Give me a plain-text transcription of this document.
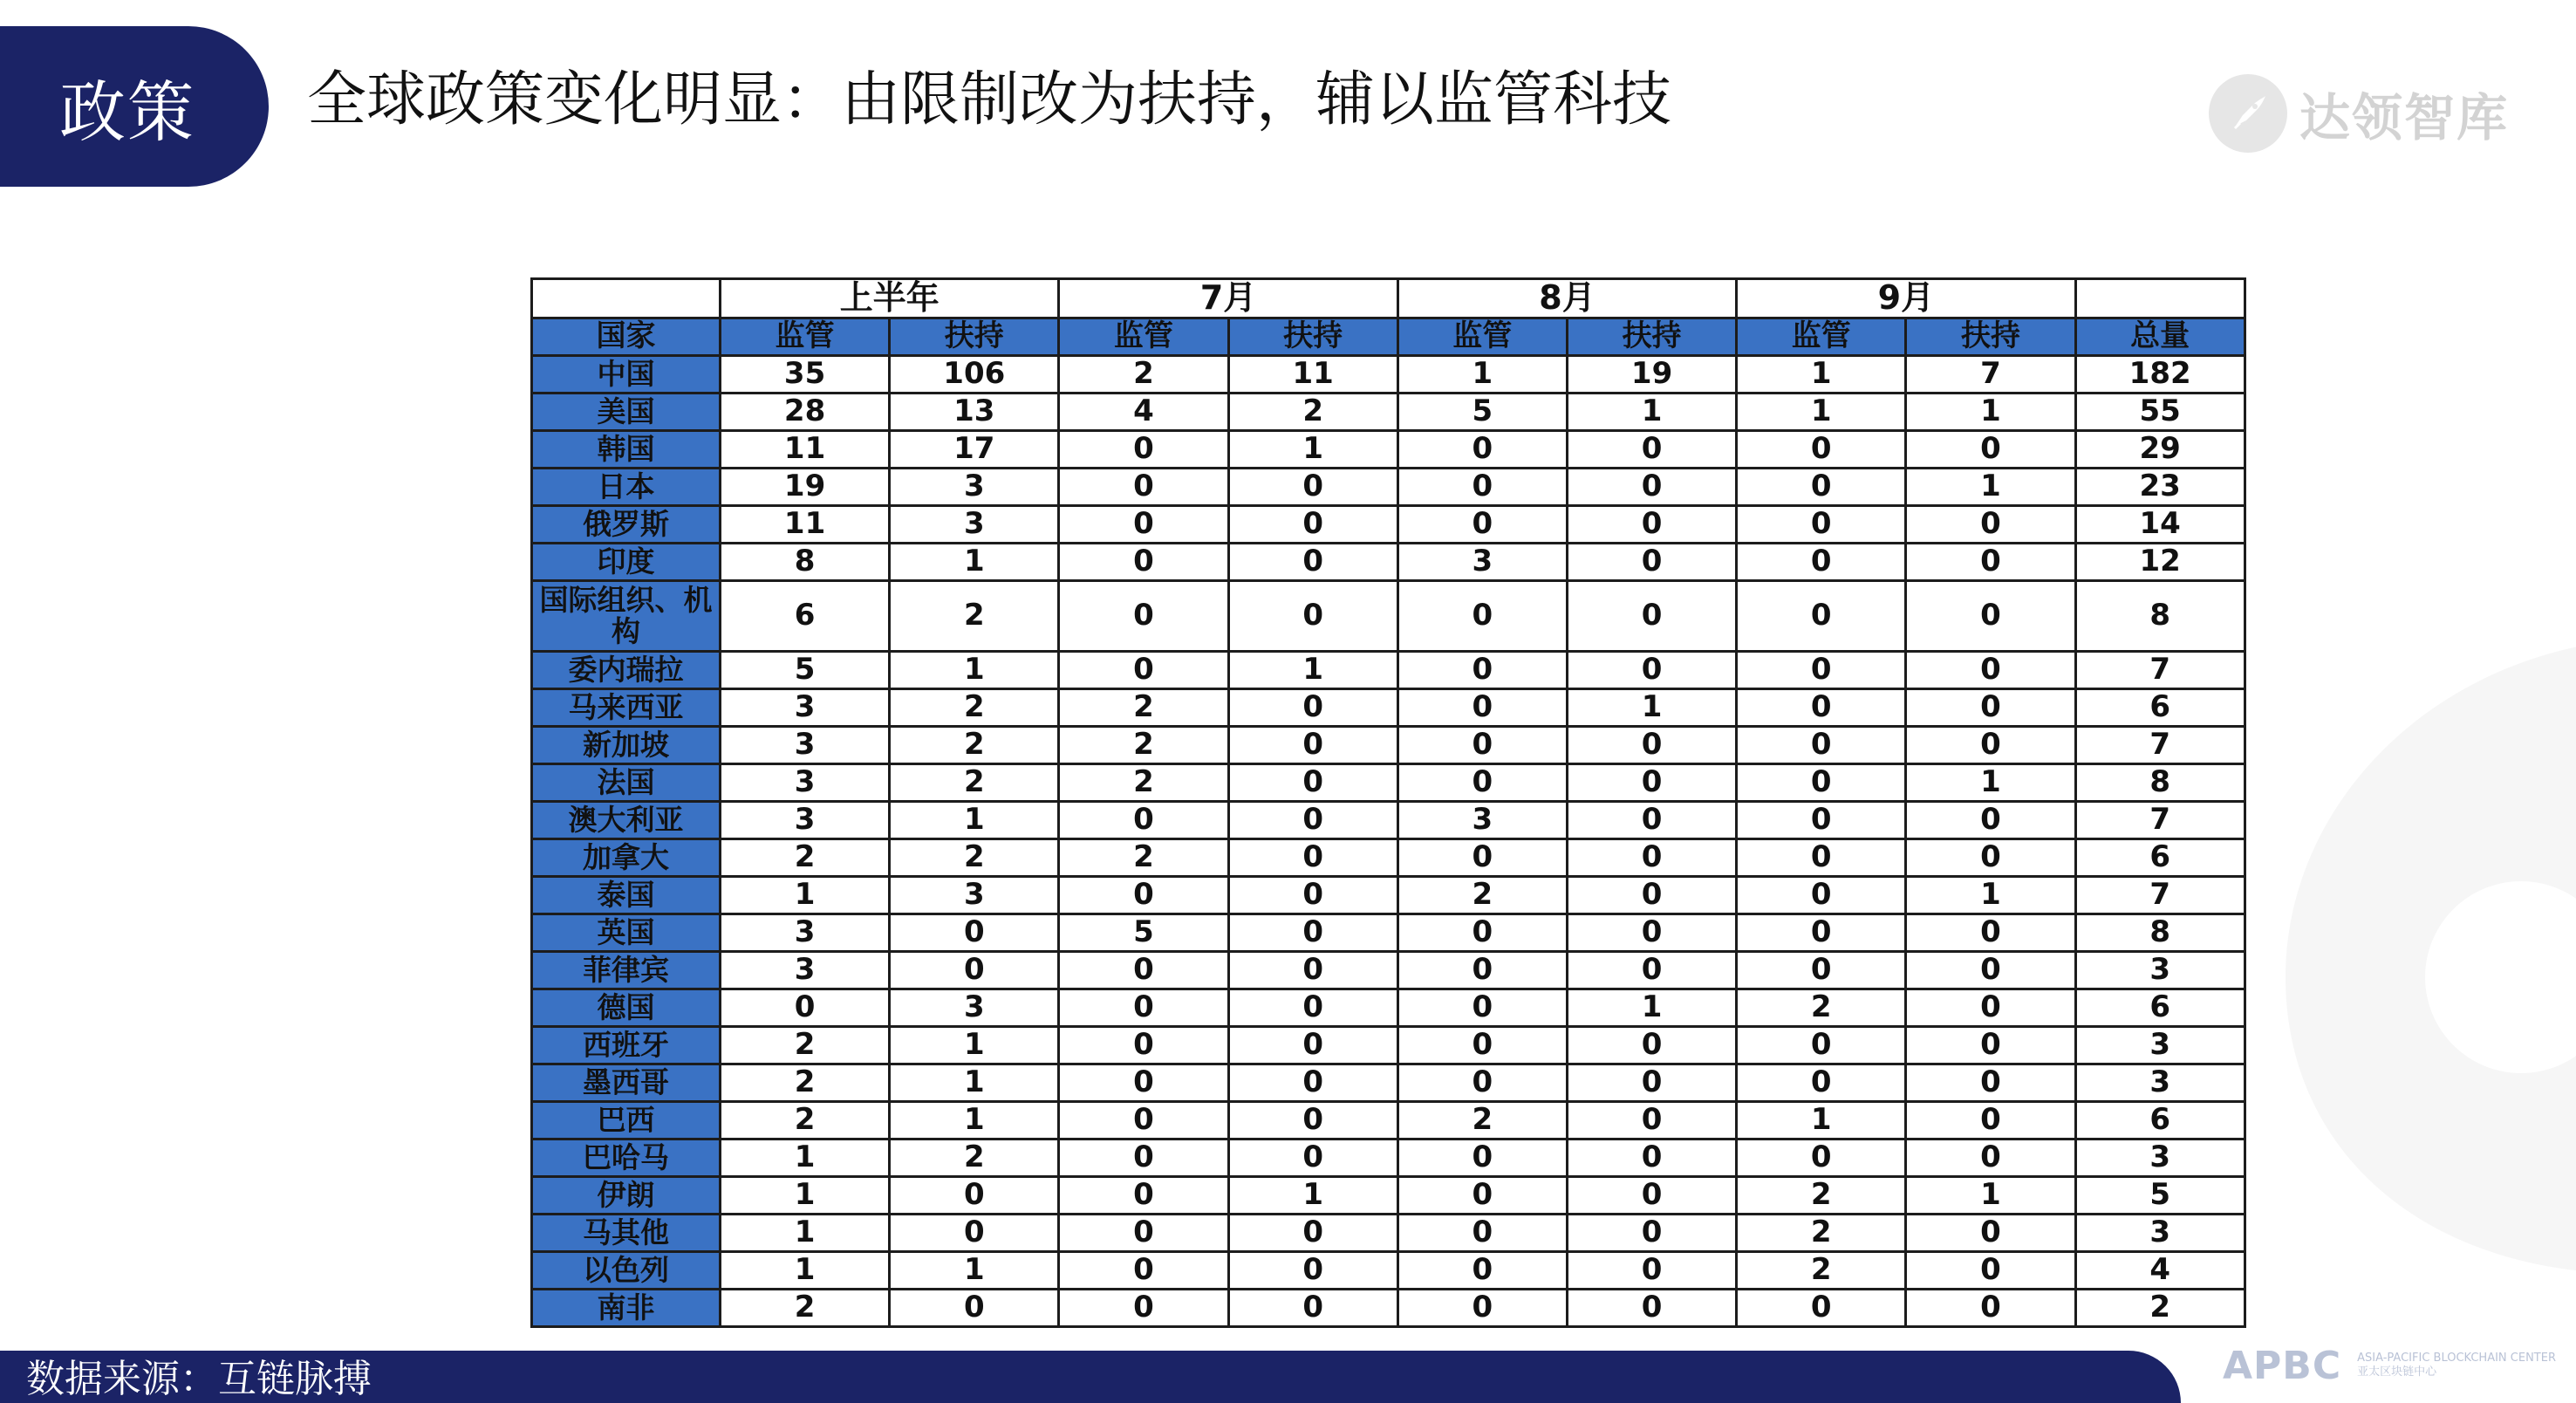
政策 全球政策变化明显：由限制改为扶持，辅以监管科技	达领智库
	上半年		7月		8月		9月		
国家	监管	扶持	监管	扶持	监管	扶持	监管	扶持	总量
中国	35	106	2	11	1	19	1	7	182
美国	28	13	4	2	5	1	1	1	55
韩国	11	17	0	1	0	0	0	0	29
日本	19	3	0	0	0	0	0	1	23
俄罗斯	11	3	0	0	0	0	0	0	14
印度	8	1	0	0	3	0	0	0	12
国际组织、机构	6	2	0	0	0	0	0	0	8
委内瑞拉	5	1	0	1	0	0	0	0	7
马来西亚	3	2	2	0	0	1	0	0	6
新加坡	3	2	2	0	0	0	0	0	7
法国	3	2	2	0	0	0	0	1	8
澳大利亚	3	1	0	0	3	0	0	0	7
加拿大	2	2	2	0	0	0	0	0	6
泰国	1	3	0	0	2	0	0	1	7
英国	3	0	5	0	0	0	0	0	8
菲律宾	3	0	0	0	0	0	0	0	3
德国	0	3	0	0	0	1	2	0	6
西班牙	2	1	0	0	0	0	0	0	3
墨西哥	2	1	0	0	0	0	0	0	3
巴西	2	1	0	0	2	0	1	0	6
巴哈马	1	2	0	0	0	0	0	0	3
伊朗	1	0	0	1	0	0	2	1	5
马其他	1	0	0	0	0	0	2	0	3
以色列	1	1	0	0	0	0	2	0	4
南非	2	0	0	0	0	0	0	0	2
数据来源：互链脉搏	APBC ASIA-PACIFIC BLOCKCHAIN CENTER
亚太区块链中心
